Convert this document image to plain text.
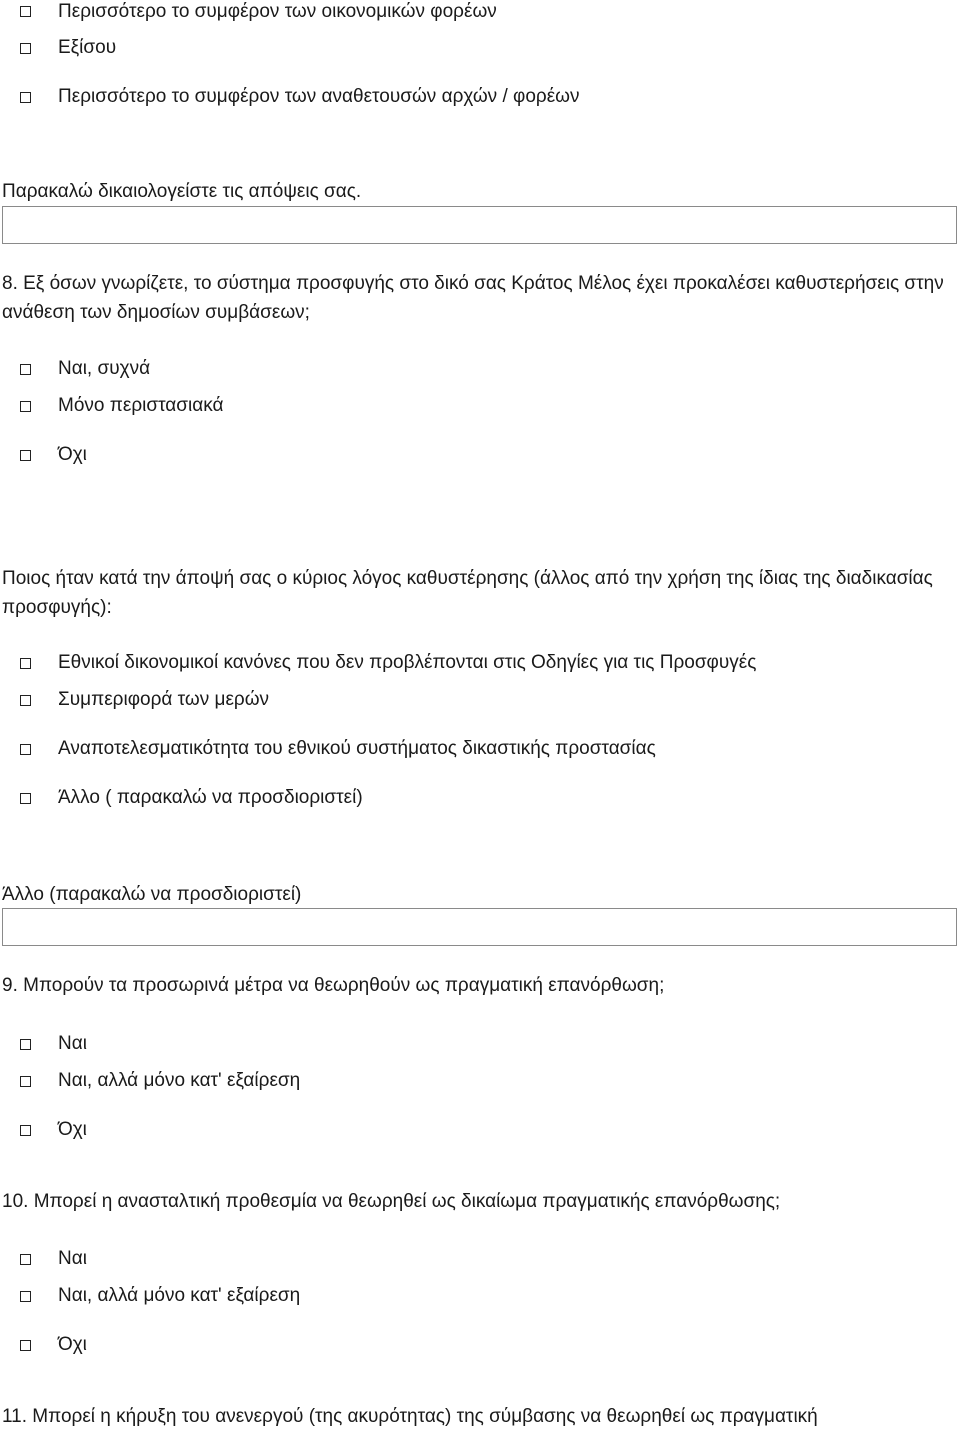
Περισσότερο το συμφέρον των οικονομικών φορέων
Εξίσου
Περισσότερο το συμφέρον των αναθετουσών αρχών / φορέων
Παρακαλώ δικαιολογείστε τις απόψεις σας.
8. Εξ όσων γνωρίζετε, το σύστημα προσφυγής στο δικό σας Κράτος Μέλος έχει προκαλέσει καθυστερήσεις στην ανάθεση των δημοσίων συμβάσεων;
Ναι, συχνά
Μόνο περιστασιακά
Όχι
Ποιος ήταν κατά την άποψή σας ο κύριος λόγος καθυστέρησης (άλλος από την χρήση της ίδιας της διαδικασίας προσφυγής):
Εθνικοί δικονομικοί κανόνες που δεν προβλέπονται στις Οδηγίες για τις Προσφυγές
Συμπεριφορά των μερών
Αναποτελεσματικότητα του εθνικού συστήματος δικαστικής προστασίας
Άλλο ( παρακαλώ να προσδιοριστεί)
Άλλο (παρακαλώ να προσδιοριστεί)
9. Μπορούν τα προσωρινά μέτρα να θεωρηθούν ως πραγματική επανόρθωση;
Ναι
Ναι, αλλά μόνο κατ' εξαίρεση
Όχι
10. Μπορεί η ανασταλτική προθεσμία να θεωρηθεί ως δικαίωμα πραγματικής επανόρθωσης;
Ναι
Ναι, αλλά μόνο κατ' εξαίρεση
Όχι
11. Μπορεί η κήρυξη του ανενεργού (της ακυρότητας) της σύμβασης να θεωρηθεί ως πραγματική
